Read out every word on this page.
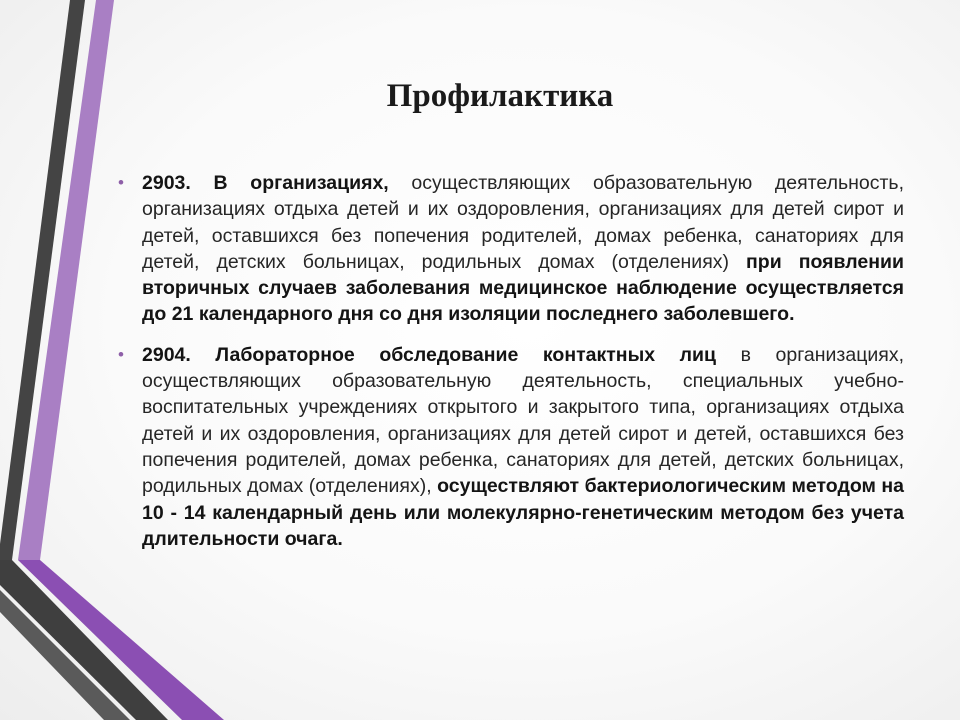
Профилактика

• 2903. В организациях, осуществляющих образовательную деятельность, организациях отдыха детей и их оздоровления, организациях для детей сирот и детей, оставшихся без попечения родителей, домах ребенка, санаториях для детей, детских больницах, родильных домах (отделениях) при появлении вторичных случаев заболевания медицинское наблюдение осуществляется до 21 календарного дня со дня изоляции последнего заболевшего.

• 2904. Лабораторное обследование контактных лиц в организациях, осуществляющих образовательную деятельность, специальных учебно-воспитательных учреждениях открытого и закрытого типа, организациях отдыха детей и их оздоровления, организациях для детей сирот и детей, оставшихся без попечения родителей, домах ребенка, санаториях для детей, детских больницах, родильных домах (отделениях), осуществляют бактериологическим методом на 10 - 14 календарный день или молекулярно-генетическим методом без учета длительности очага.
